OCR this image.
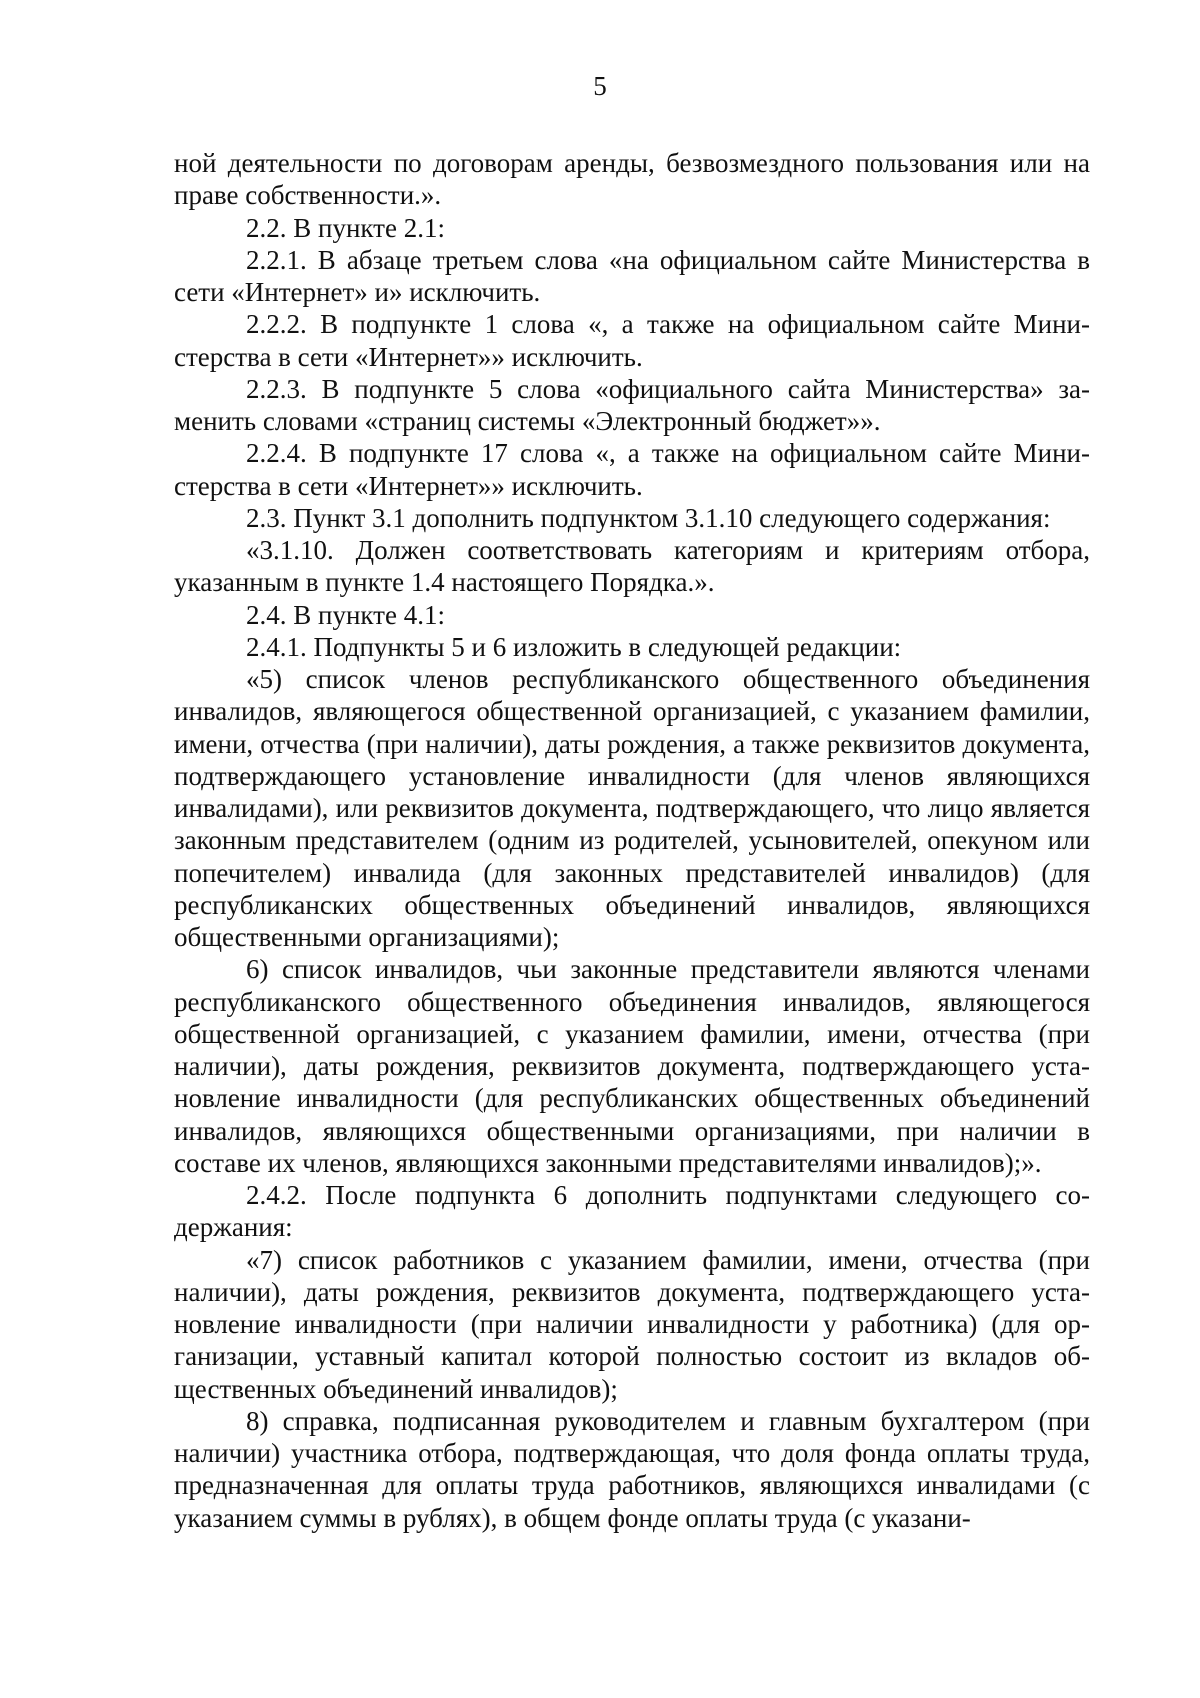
5

ной деятельности по договорам аренды, безвозмездного пользования или на праве собственности.».

2.2. В пункте 2.1:

2.2.1. В абзаце третьем слова «на официальном сайте Министерства в сети «Интернет» и» исключить.

2.2.2. В подпункте 1 слова «, а также на официальном сайте Министерства в сети «Интернет»» исключить.

2.2.3. В подпункте 5 слова «официального сайта Министерства» заменить словами «страниц системы «Электронный бюджет»».

2.2.4. В подпункте 17 слова «, а также на официальном сайте Министерства в сети «Интернет»» исключить.

2.3. Пункт 3.1 дополнить подпунктом 3.1.10 следующего содержания:

«3.1.10. Должен соответствовать категориям и критериям отбора, указанным в пункте 1.4 настоящего Порядка.».

2.4. В пункте 4.1:

2.4.1. Подпункты 5 и 6 изложить в следующей редакции:

«5) список членов республиканского общественного объединения инвалидов, являющегося общественной организацией, с указанием фамилии, имени, отчества (при наличии), даты рождения, а также реквизитов документа, подтверждающего установление инвалидности (для членов являющихся инвалидами), или реквизитов документа, подтверждающего, что лицо является законным представителем (одним из родителей, усыновителей, опекуном или попечителем) инвалида (для законных представителей инвалидов) (для республиканских общественных объединений инвалидов, являющихся общественными организациями);

6) список инвалидов, чьи законные представители являются членами республиканского общественного объединения инвалидов, являющегося общественной организацией, с указанием фамилии, имени, отчества (при наличии), даты рождения, реквизитов документа, подтверждающего установление инвалидности (для республиканских общественных объединений инвалидов, являющихся общественными организациями, при наличии в составе их членов, являющихся законными представителями инвалидов);».

2.4.2. После подпункта 6 дополнить подпунктами следующего содержания:

«7) список работников с указанием фамилии, имени, отчества (при наличии), даты рождения, реквизитов документа, подтверждающего установление инвалидности (при наличии инвалидности у работника) (для организации, уставный капитал которой полностью состоит из вкладов общественных объединений инвалидов);

8) справка, подписанная руководителем и главным бухгалтером (при наличии) участника отбора, подтверждающая, что доля фонда оплаты труда, предназначенная для оплаты труда работников, являющихся инвалидами (с указанием суммы в рублях), в общем фонде оплаты труда (с указани-
